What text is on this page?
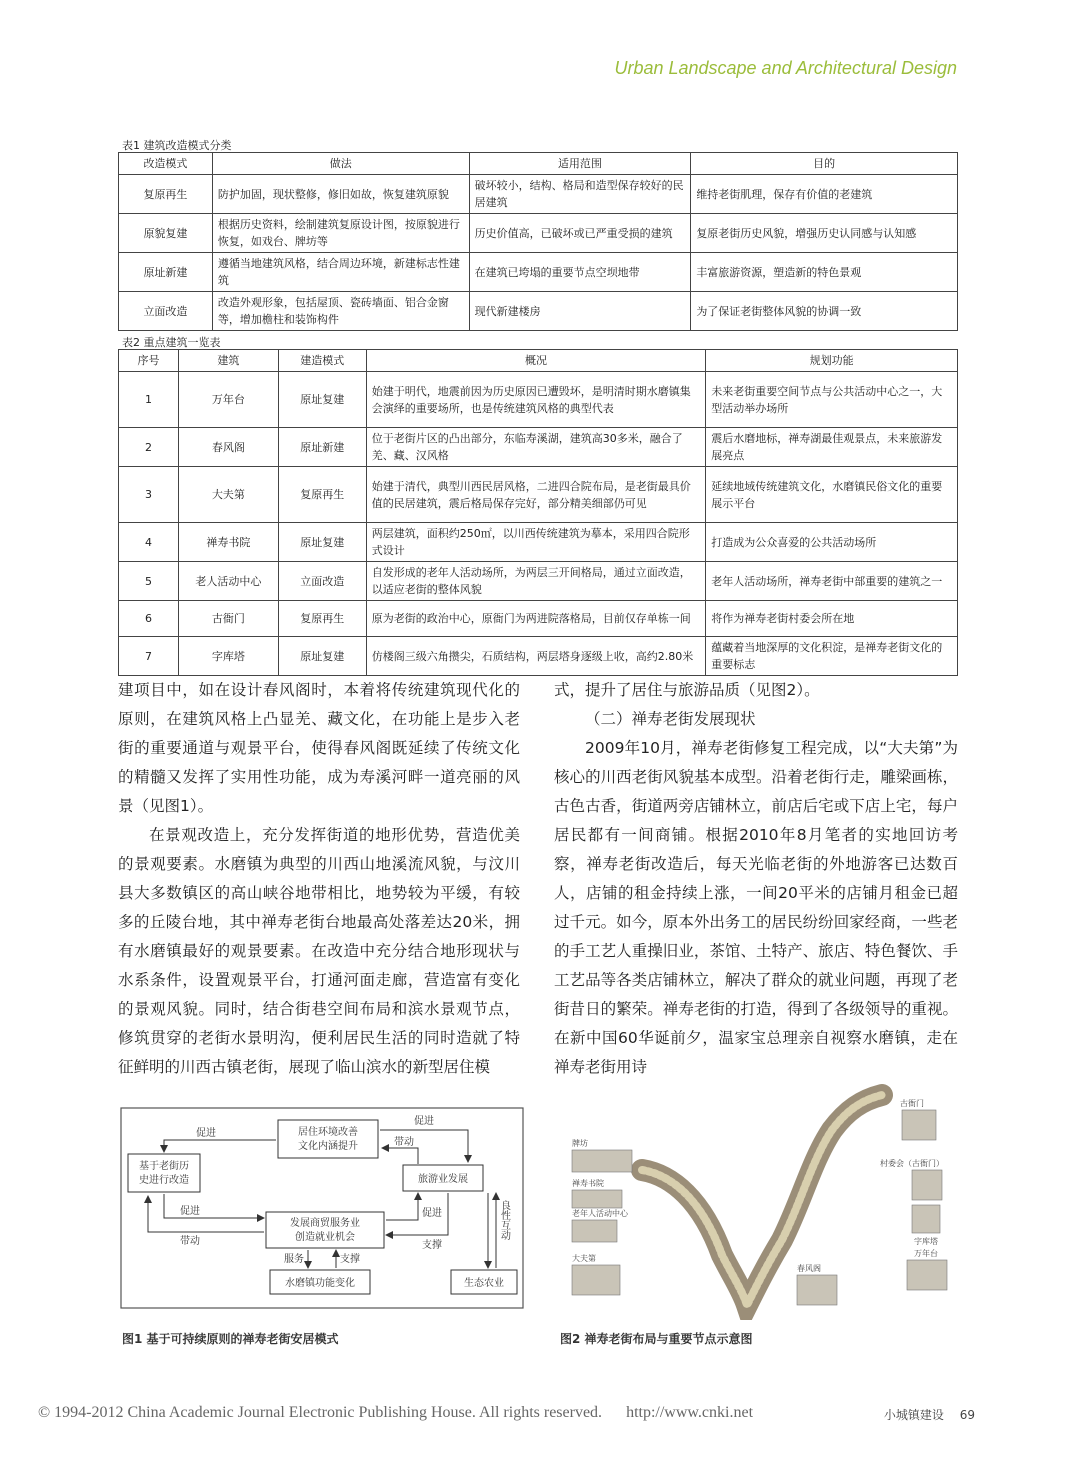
Urban Landscape and Architectural Design
表1 建筑改造模式分类
改造模式	做法	适用范围	目的
复原再生	防护加固，现状整修，修旧如故，恢复建筑原貌	破坏较小，结构、格局和造型保存较好的民居建筑	维持老街肌理，保存有价值的老建筑
原貌复建	根据历史资料，绘制建筑复原设计图，按原貌进行恢复，如戏台、牌坊等	历史价值高，已破坏或已严重受损的建筑	复原老街历史风貌，增强历史认同感与认知感
原址新建	遵循当地建筑风格，结合周边环境，新建标志性建筑	在建筑已垮塌的重要节点空坝地带	丰富旅游资源，塑造新的特色景观
立面改造	改造外观形象，包括屋顶、瓷砖墙面、铝合金窗等，增加檐柱和装饰构件	现代新建楼房	为了保证老街整体风貌的协调一致
表2 重点建筑一览表
序号	建筑	建造模式	概况	规划功能
1	万年台	原址复建	始建于明代，地震前因为历史原因已遭毁坏，是明清时期水磨镇集会演绎的重要场所，也是传统建筑风格的典型代表	未来老街重要空间节点与公共活动中心之一，大型活动举办场所
2	春风阁	原址新建	位于老街片区的凸出部分，东临寿溪湖，建筑高30多米，融合了羌、藏、汉风格	震后水磨地标，禅寿湖最佳观景点，未来旅游发展亮点
3	大夫第	复原再生	始建于清代，典型川西民居风格，二进四合院布局，是老街最具价值的民居建筑，震后格局保存完好，部分精美细部仍可见	延续地域传统建筑文化，水磨镇民俗文化的重要展示平台
4	禅寿书院	原址复建	两层建筑，面积约250㎡，以川西传统建筑为摹本，采用四合院形式设计	打造成为公众喜爱的公共活动场所
5	老人活动中心	立面改造	自发形成的老年人活动场所，为两层三开间格局，通过立面改造，以适应老街的整体风貌	老年人活动场所，禅寿老街中部重要的建筑之一
6	古衙门	复原再生	原为老街的政治中心，原衙门为两进院落格局，目前仅存单栋一间	将作为禅寿老街村委会所在地
7	字库塔	原址复建	仿楼阁三级六角攒尖，石质结构，两层塔身逐级上收，高约2.80米	蕴藏着当地深厚的文化积淀，是禅寿老街文化的重要标志

建项目中，如在设计春风阁时，本着将传统建筑现代化的原则，在建筑风格上凸显羌、藏文化，在功能上是步入老街的重要通道与观景平台，使得春风阁既延续了传统文化的精髓又发挥了实用性功能，成为寿溪河畔一道亮丽的风景（见图1）。

在景观改造上，充分发挥街道的地形优势，营造优美的景观要素。水磨镇为典型的川西山地溪流风貌，与汶川县大多数镇区的高山峡谷地带相比，地势较为平缓，有较多的丘陵台地，其中禅寿老街台地最高处落差达20米，拥有水磨镇最好的观景要素。在改造中充分结合地形现状与水系条件，设置观景平台，打通河面走廊，营造富有变化的景观风貌。同时，结合街巷空间布局和滨水景观节点，修筑贯穿的老街水景明沟，便利居民生活的同时造就了特征鲜明的川西古镇老街，展现了临山滨水的新型居住模

式，提升了居住与旅游品质（见图2）。

（二）禅寿老街发展现状

2009年10月，禅寿老街修复工程完成，以“大夫第”为核心的川西老街风貌基本成型。沿着老街行走，雕梁画栋，古色古香，街道两旁店铺林立，前店后宅或下店上宅，每户居民都有一间商铺。根据2010年8月笔者的实地回访考察，禅寿老街改造后，每天光临老街的外地游客已达数百人，店铺的租金持续上涨，一间20平米的店铺月租金已超过千元。如今，原本外出务工的居民纷纷回家经商，一些老的手工艺人重操旧业，茶馆、土特产、旅店、特色餐饮、手工艺品等各类店铺林立，解决了群众的就业问题，再现了老街昔日的繁荣。禅寿老街的打造，得到了各级领导的重视。在新中国60华诞前夕，温家宝总理亲自视察水磨镇，走在禅寿老街用诗

基于老街历
史进行改造
居住环境改善
文化内涵提升
旅游业发展
发展商贸服务业
创造就业机会
水磨镇功能变化	生态农业
促进
促进
带动
促进
带动
促进
支撑
服务	支撑
良性互动
图1 基于可持续原则的禅寿老街安居模式
牌坊
禅寿书院
老年人活动中心
大夫第
春风阁
古衙门
村委会（古衙门）
字库塔
万年台
图2 禅寿老街布局与重要节点示意图
© 1994-2012 China Academic Journal Electronic Publishing House. All rights reserved. http://www.cnki.net	小城镇建设 69
